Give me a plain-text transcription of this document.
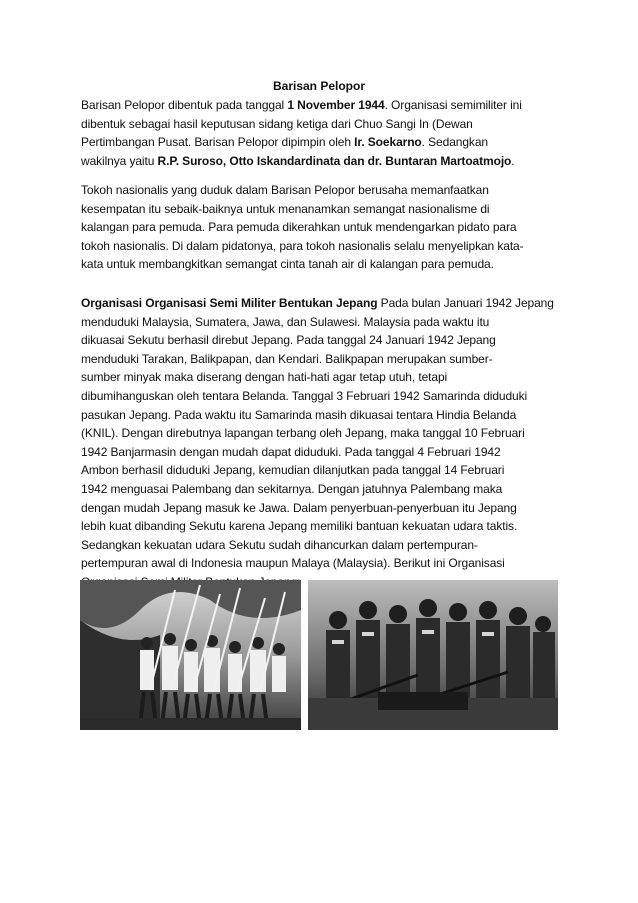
Barisan Pelopor
Barisan Pelopor dibentuk pada tanggal 1 November 1944. Organisasi semimiliter ini
dibentuk sebagai hasil keputusan sidang ketiga dari Chuo Sangi In (Dewan
Pertimbangan Pusat. Barisan Pelopor dipimpin oleh Ir. Soekarno. Sedangkan
wakilnya yaitu R.P. Suroso, Otto Iskandardinata dan dr. Buntaran Martoatmojo.
Tokoh nasionalis yang duduk dalam Barisan Pelopor berusaha memanfaatkan
kesempatan itu sebaik-baiknya untuk menanamkan semangat nasionalisme di
kalangan para pemuda. Para pemuda dikerahkan untuk mendengarkan pidato para
tokoh nasionalis. Di dalam pidatonya, para tokoh nasionalis selalu menyelipkan kata-
kata untuk membangkitkan semangat cinta tanah air di kalangan para pemuda.
Organisasi Organisasi Semi Militer Bentukan Jepang Pada bulan Januari 1942 Jepang
menduduki Malaysia, Sumatera, Jawa, dan Sulawesi. Malaysia pada waktu itu
dikuasai Sekutu berhasil direbut Jepang. Pada tanggal 24 Januari 1942 Jepang
menduduki Tarakan, Balikpapan, dan Kendari. Balikpapan merupakan sumber-
sumber minyak maka diserang dengan hati-hati agar tetap utuh, tetapi
dibumihanguskan oleh tentara Belanda. Tanggal 3 Februari 1942 Samarinda diduduki
pasukan Jepang. Pada waktu itu Samarinda masih dikuasai tentara Hindia Belanda
(KNIL). Dengan direbutnya lapangan terbang oleh Jepang, maka tanggal 10 Februari
1942 Banjarmasin dengan mudah dapat diduduki. Pada tanggal 4 Februari 1942
Ambon berhasil diduduki Jepang, kemudian dilanjutkan pada tanggal 14 Februari
1942 menguasai Palembang dan sekitarnya. Dengan jatuhnya Palembang maka
dengan mudah Jepang masuk ke Jawa. Dalam penyerbuan-penyerbuan itu Jepang
lebih kuat dibanding Sekutu karena Jepang memiliki bantuan kekuatan udara taktis.
Sedangkan kekuatan udara Sekutu sudah dihancurkan dalam pertempuran-
pertempuran awal di Indonesia maupun Malaya (Malaysia). Berikut ini Organisasi
